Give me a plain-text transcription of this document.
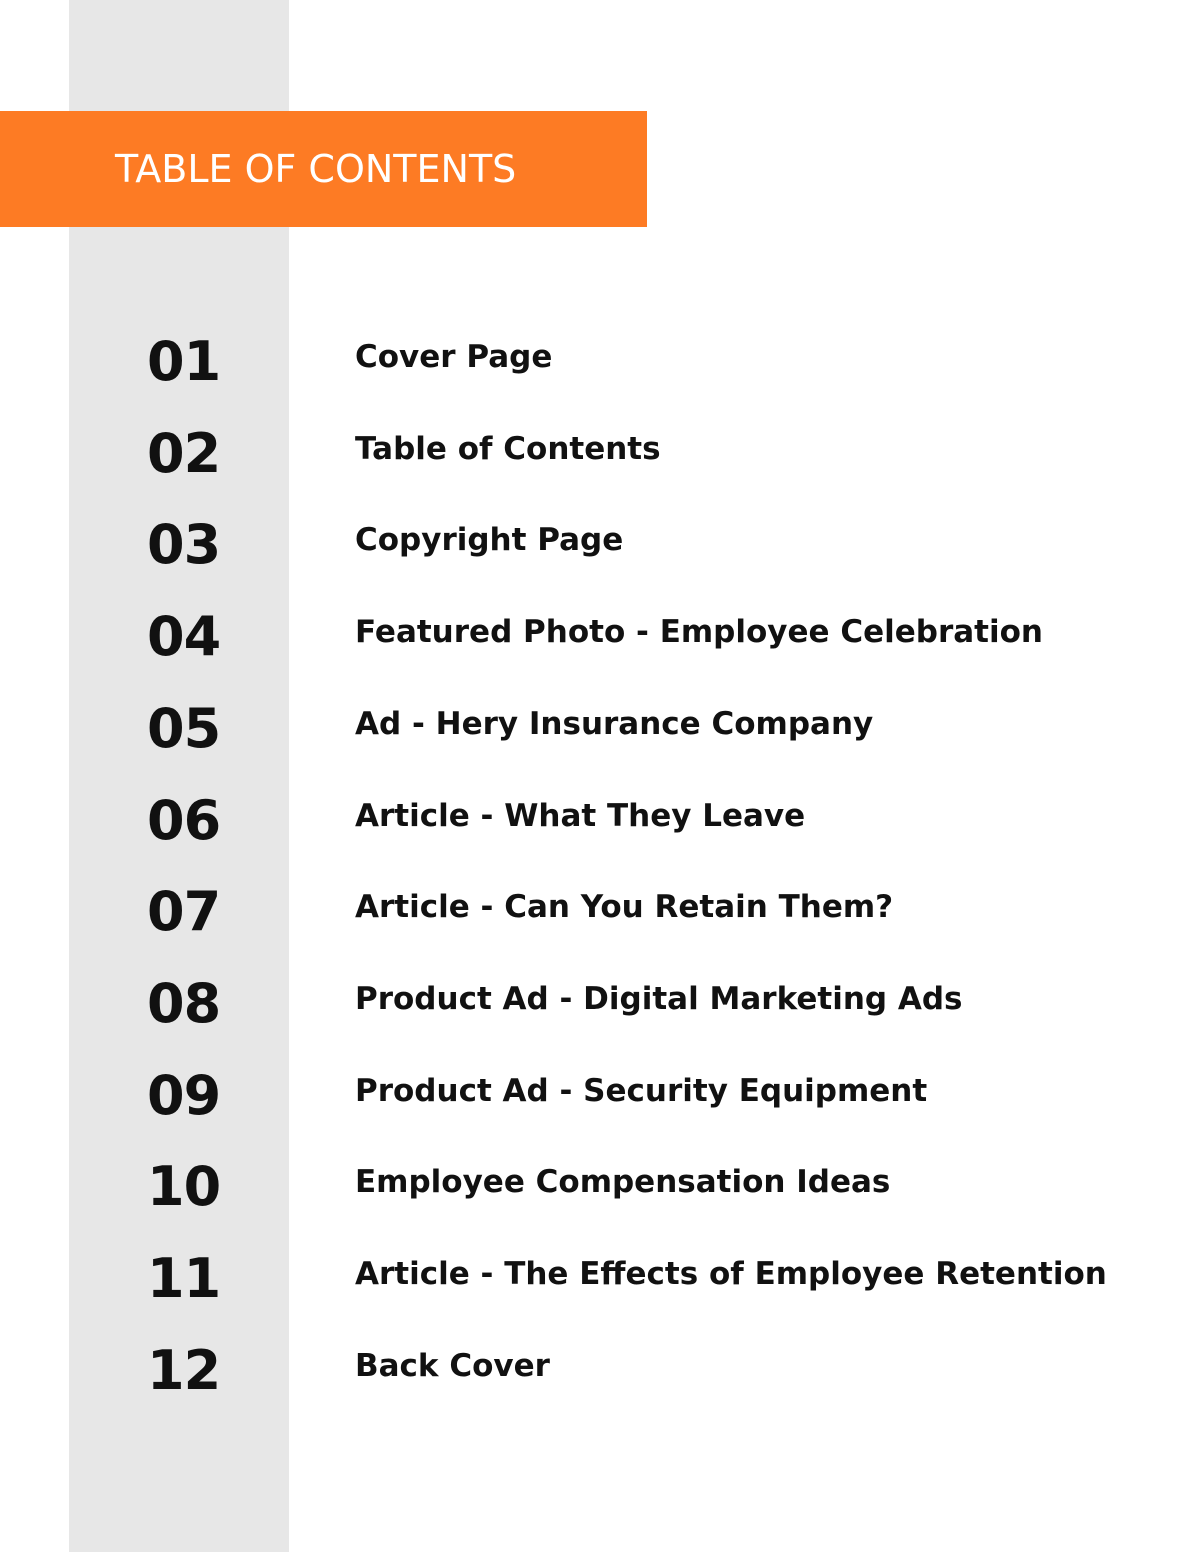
TABLE OF CONTENTS
01	Cover Page
02	Table of Contents
03	Copyright Page
04	Featured Photo - Employee Celebration
05	Ad - Hery Insurance Company
06	Article - What They Leave
07	Article - Can You Retain Them?
08	Product Ad - Digital Marketing Ads
09	Product Ad - Security Equipment
10	Employee Compensation Ideas
11	Article - The Effects of Employee Retention
12	Back Cover
